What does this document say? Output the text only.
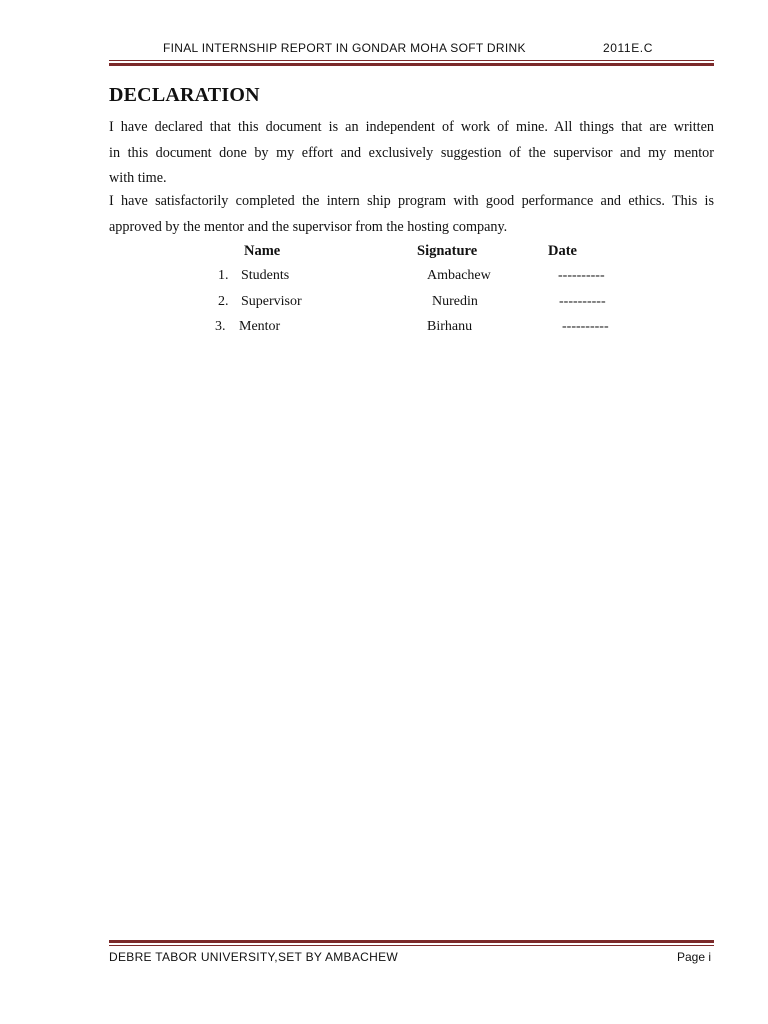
FINAL INTERNSHIP REPORT IN GONDAR MOHA SOFT DRINK	2011E.C
DECLARATION
I have declared that this document is an independent of work of mine. All things that are written
in this document done by my effort and exclusively suggestion of the supervisor and my mentor
with time.
I have satisfactorily completed the intern ship program with good performance and ethics. This is
approved by the mentor and the supervisor from the hosting company.
Name	Signature	Date
1. Students	Ambachew	----------
2. Supervisor	Nuredin	----------
3. Mentor	Birhanu	----------
DEBRE TABOR UNIVERSITY,SET BY AMBACHEW	Page i
